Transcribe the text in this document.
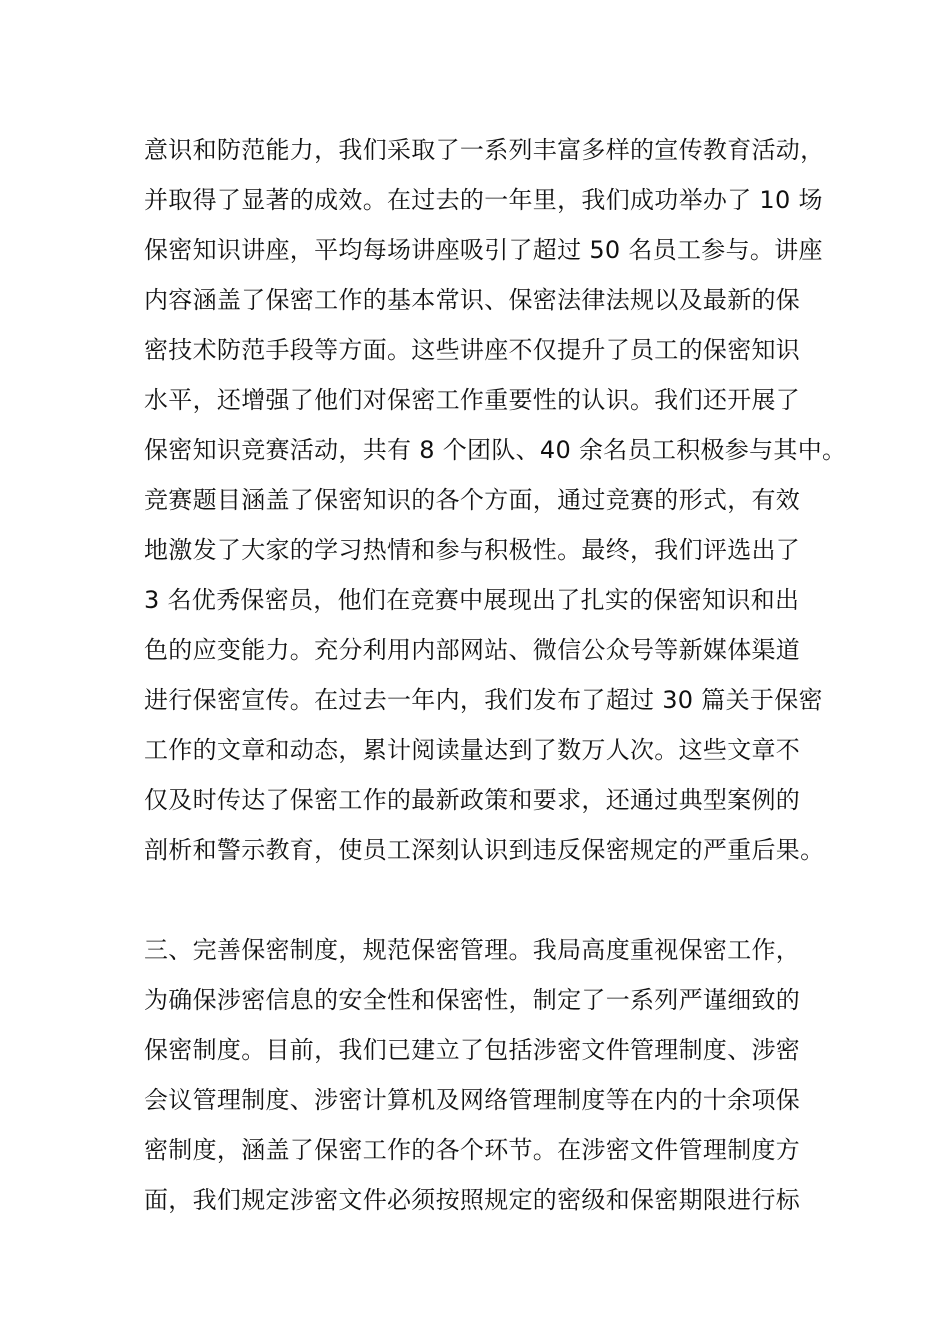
意识和防范能力，我们采取了一系列丰富多样的宣传教育活动，
并取得了显著的成效。在过去的一年里，我们成功举办了 10 场
保密知识讲座，平均每场讲座吸引了超过 50 名员工参与。讲座
内容涵盖了保密工作的基本常识、保密法律法规以及最新的保
密技术防范手段等方面。这些讲座不仅提升了员工的保密知识
水平，还增强了他们对保密工作重要性的认识。我们还开展了
保密知识竞赛活动，共有 8 个团队、40 余名员工积极参与其中。
竞赛题目涵盖了保密知识的各个方面，通过竞赛的形式，有效
地激发了大家的学习热情和参与积极性。最终，我们评选出了
3 名优秀保密员，他们在竞赛中展现出了扎实的保密知识和出
色的应变能力。充分利用内部网站、微信公众号等新媒体渠道
进行保密宣传。在过去一年内，我们发布了超过 30 篇关于保密
工作的文章和动态，累计阅读量达到了数万人次。这些文章不
仅及时传达了保密工作的最新政策和要求，还通过典型案例的
剖析和警示教育，使员工深刻认识到违反保密规定的严重后果。
三、完善保密制度，规范保密管理。我局高度重视保密工作，
为确保涉密信息的安全性和保密性，制定了一系列严谨细致的
保密制度。目前，我们已建立了包括涉密文件管理制度、涉密
会议管理制度、涉密计算机及网络管理制度等在内的十余项保
密制度，涵盖了保密工作的各个环节。在涉密文件管理制度方
面，我们规定涉密文件必须按照规定的密级和保密期限进行标
